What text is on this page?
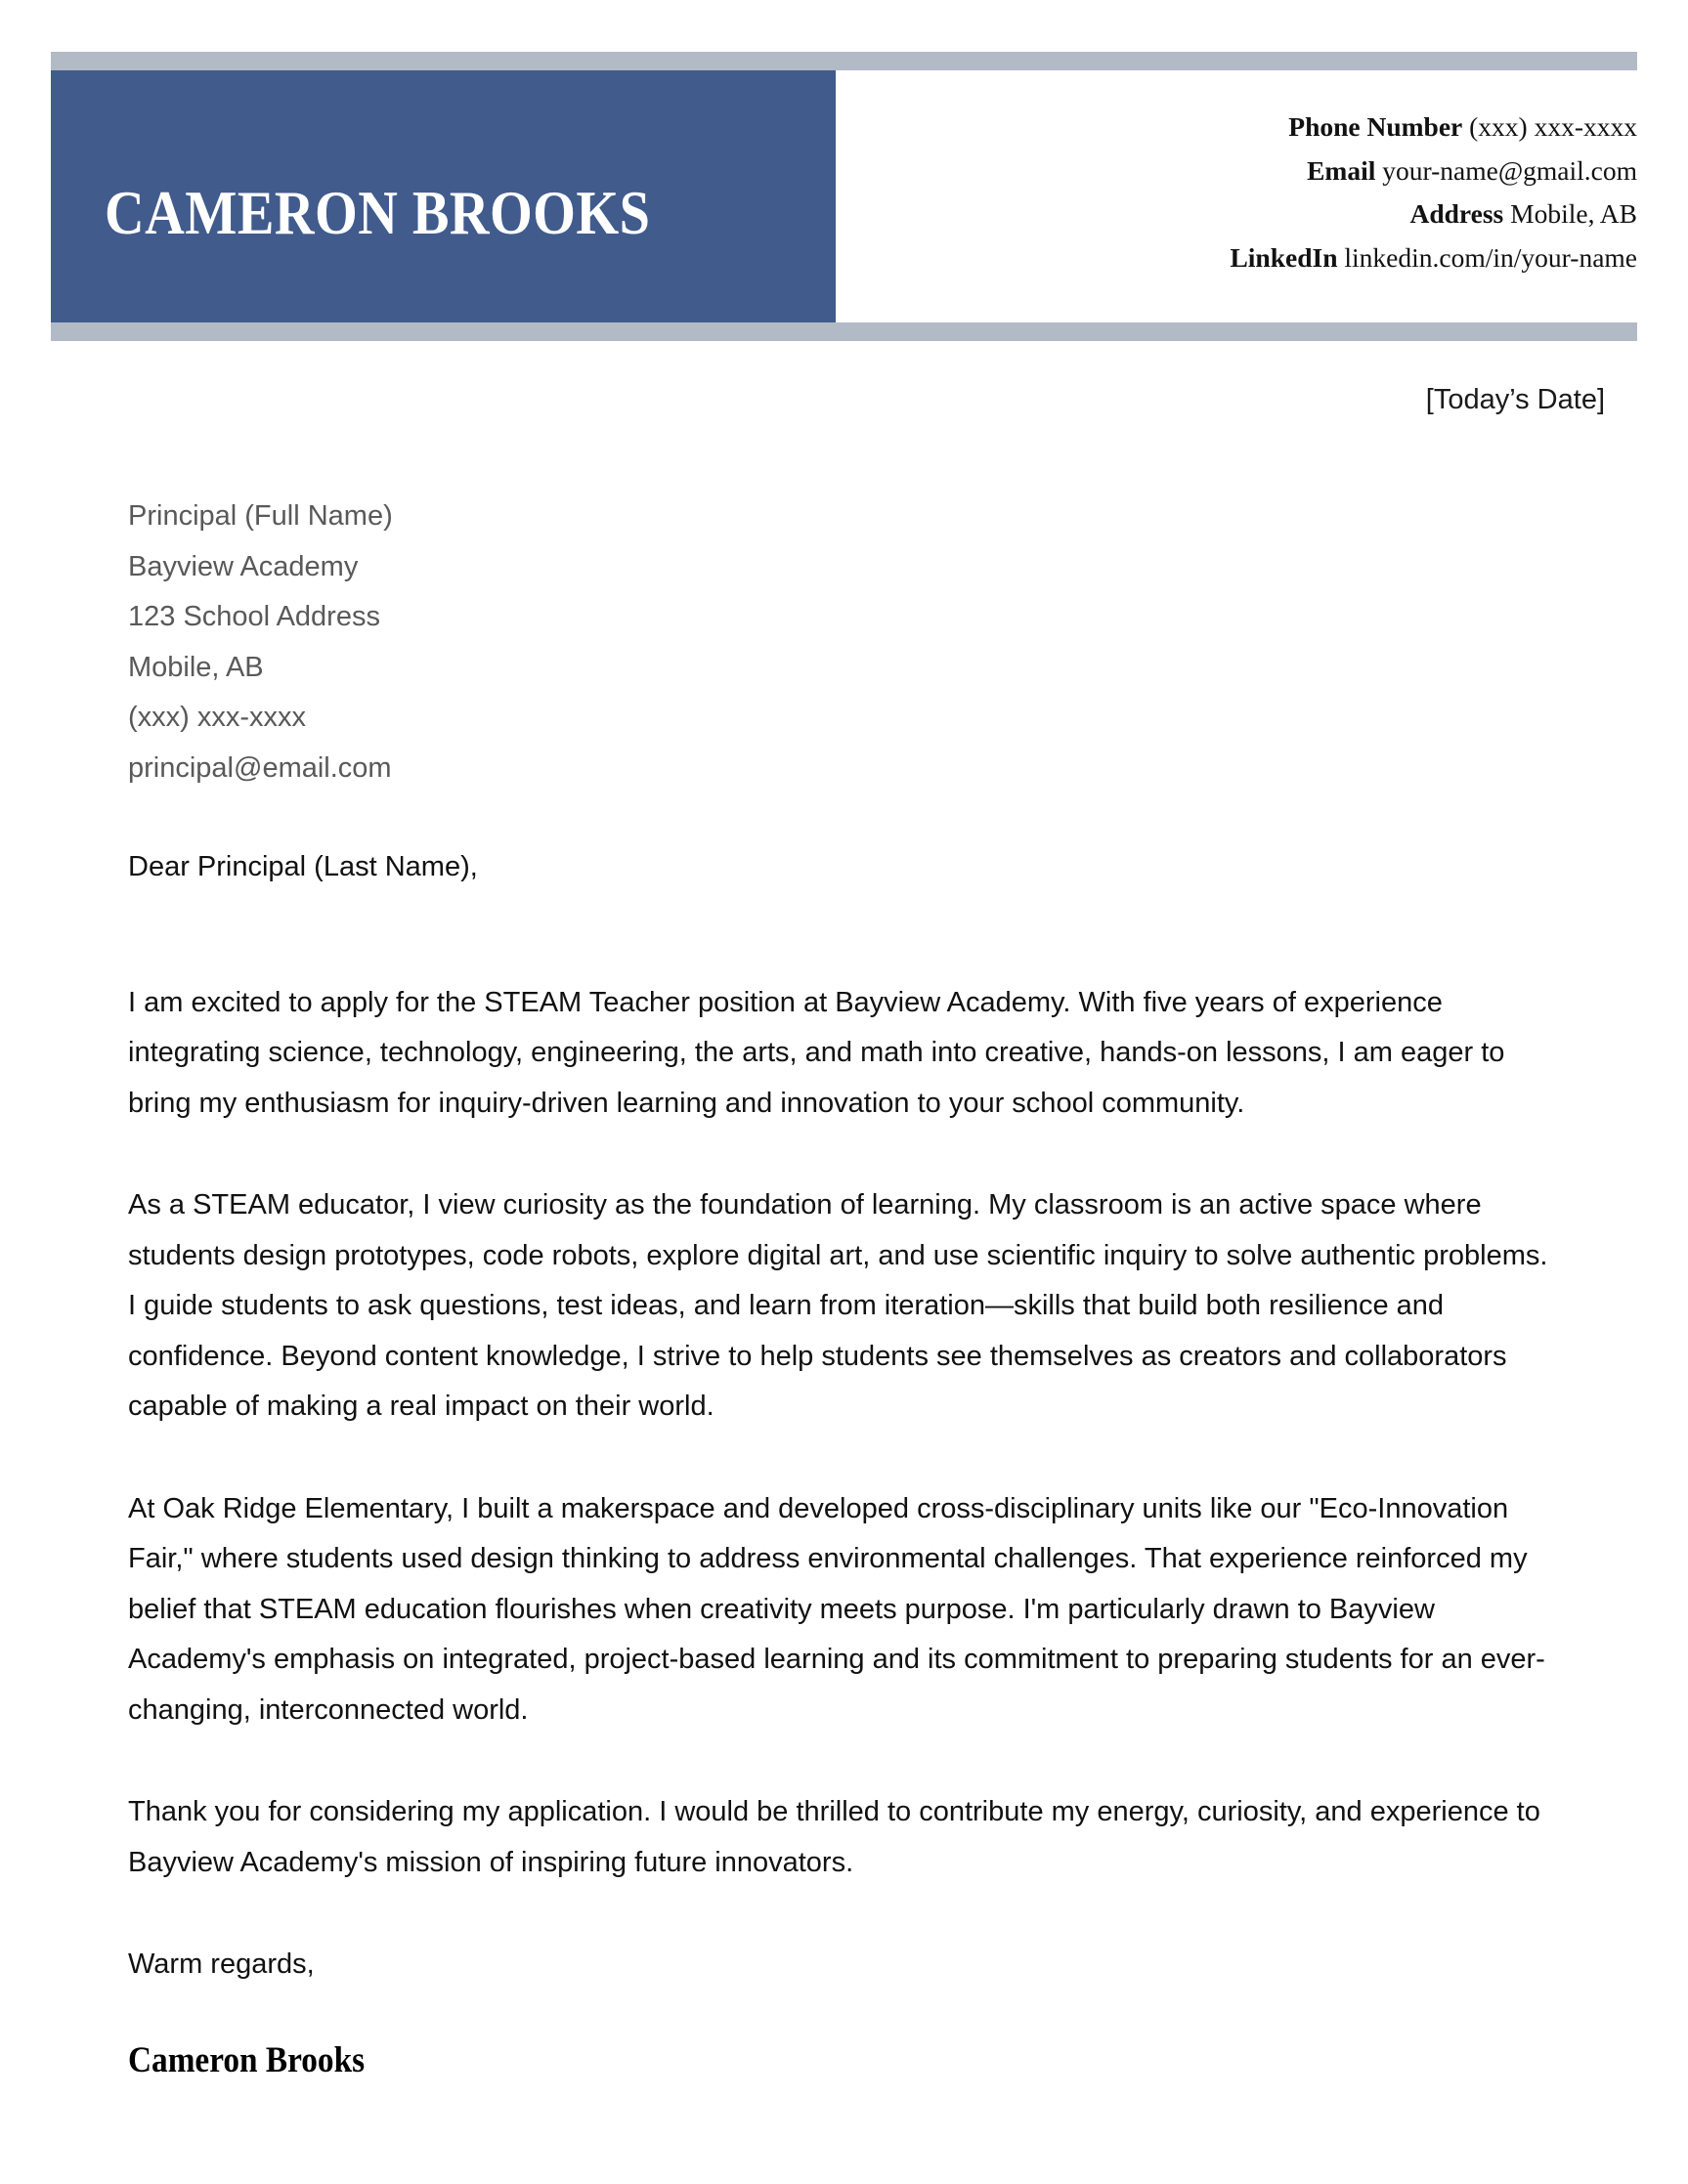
CAMERON BROOKS
Phone Number (xxx) xxx-xxxx
Email your-name@gmail.com
Address Mobile, AB
LinkedIn linkedin.com/in/your-name
[Today’s Date]
Principal (Full Name)
Bayview Academy
123 School Address
Mobile, AB
(xxx) xxx-xxxx
principal@email.com

Dear Principal (Last Name),

I am excited to apply for the STEAM Teacher position at Bayview Academy. With five years of experience integrating science, technology, engineering, the arts, and math into creative, hands-on lessons, I am eager to bring my enthusiasm for inquiry-driven learning and innovation to your school community.

As a STEAM educator, I view curiosity as the foundation of learning. My classroom is an active space where students design prototypes, code robots, explore digital art, and use scientific inquiry to solve authentic problems. I guide students to ask questions, test ideas, and learn from iteration—skills that build both resilience and confidence. Beyond content knowledge, I strive to help students see themselves as creators and collaborators capable of making a real impact on their world.

At Oak Ridge Elementary, I built a makerspace and developed cross-disciplinary units like our "Eco-Innovation Fair," where students used design thinking to address environmental challenges. That experience reinforced my belief that STEAM education flourishes when creativity meets purpose. I'm particularly drawn to Bayview Academy's emphasis on integrated, project-based learning and its commitment to preparing students for an ever-changing, interconnected world.

Thank you for considering my application. I would be thrilled to contribute my energy, curiosity, and experience to Bayview Academy's mission of inspiring future innovators.

Warm regards,

Cameron Brooks
